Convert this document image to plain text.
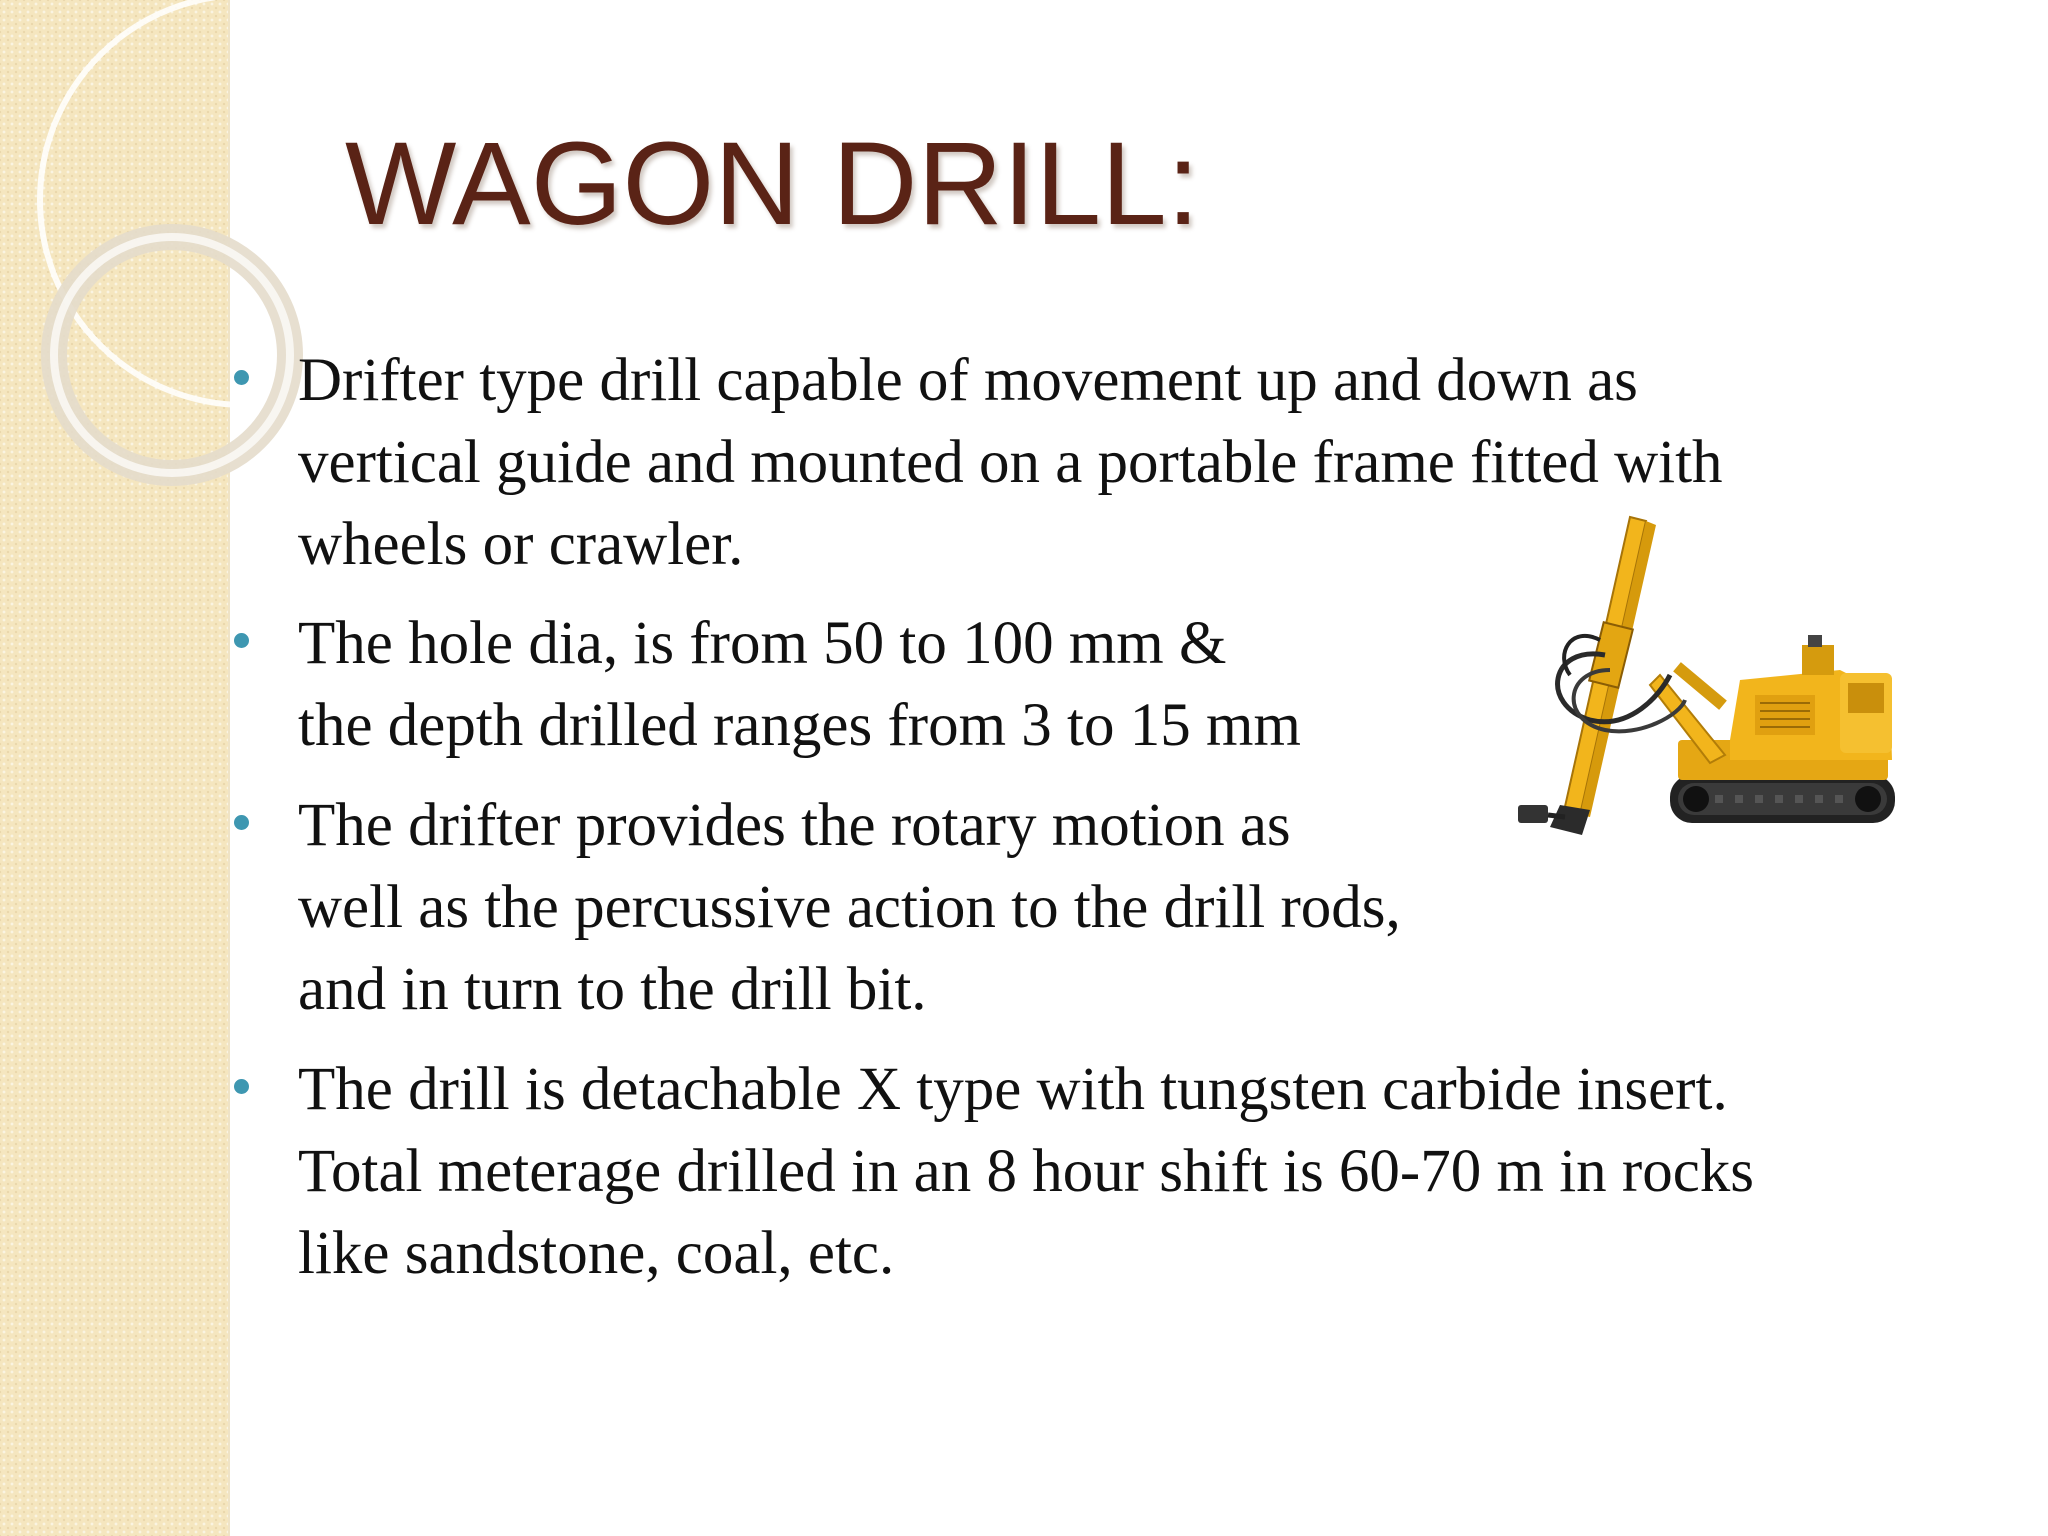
WAGON DRILL:
Drifter type drill capable of movement up and down as
vertical guide and mounted on a portable frame fitted with
wheels or crawler.
The hole dia, is from 50 to 100 mm &
the depth drilled ranges from 3 to 15 mm
The drifter provides the rotary motion as
well as the percussive action to the drill rods,
and in turn to the drill bit.
The drill is detachable X type with tungsten carbide insert.
Total meterage drilled in an 8 hour shift is 60-70 m in rocks
like sandstone, coal, etc.
